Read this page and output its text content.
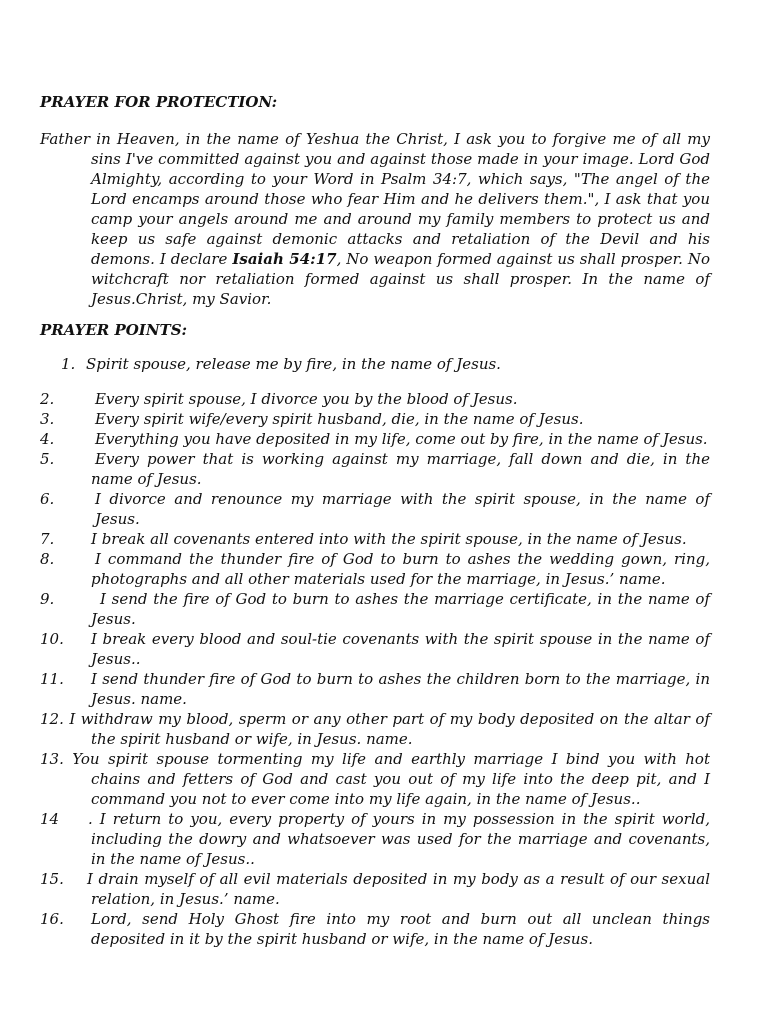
PRAYER FOR PROTECTION:

Father in Heaven, in the name of Yeshua the Christ, I ask you to forgive me of all my sins I've committed against you and against those made in your image. Lord God Almighty, according to your Word in Psalm 34:7, which says, "The angel of the Lord encamps around those who fear Him and he delivers them.", I ask that you camp your angels around me and around my family members to protect us and keep us safe against demonic attacks and retaliation of the Devil and his demons. I declare Isaiah 54:17, No weapon formed against us shall prosper. No witchcraft nor retaliation formed against us shall prosper. In the name of Jesus.Christ, my Savior.

PRAYER POINTS:

1. Spirit spouse, release me by fire, in the name of Jesus.

2.	Every spirit spouse, I divorce you by the blood of Jesus.
3.	Every spirit wife/every spirit husband, die, in the name of Jesus.
4.	Everything you have deposited in my life, come out by fire, in the name of Jesus.
5.	Every power that is working against my marriage, fall down and die, in the name of Jesus.
6.	I divorce and renounce my marriage with the spirit spouse, in the name of Jesus.
7. I break all covenants entered into with the spirit spouse, in the name of Jesus.
8.	I command the thunder fire of God to burn to ashes the wedding gown, ring, photographs and all other materials used for the marriage, in Jesus.’ name.
9.	I send the fire of God to burn to ashes the marriage certificate, in the name of Jesus.
10. I break every blood and soul-tie covenants with the spirit spouse in the name of Jesus..
11. I send thunder fire of God to burn to ashes the children born to the marriage, in Jesus. name.
12. I withdraw my blood, sperm or any other part of my body deposited on the altar of the spirit husband or wife, in Jesus. name.
13. You spirit spouse tormenting my life and earthly marriage I bind you with hot chains and fetters of God and cast you out of my life into the deep pit, and I command you not to ever come into my life again, in the name of Jesus..
14 . I return to you, every property of yours in my possession in the spirit world, including the dowry and whatsoever was used for the marriage and covenants, in the name of Jesus..
15. I drain myself of all evil materials deposited in my body as a result of our sexual relation, in Jesus.’ name.
16. Lord, send Holy Ghost fire into my root and burn out all unclean things deposited in it by the spirit husband or wife, in the name of Jesus.
